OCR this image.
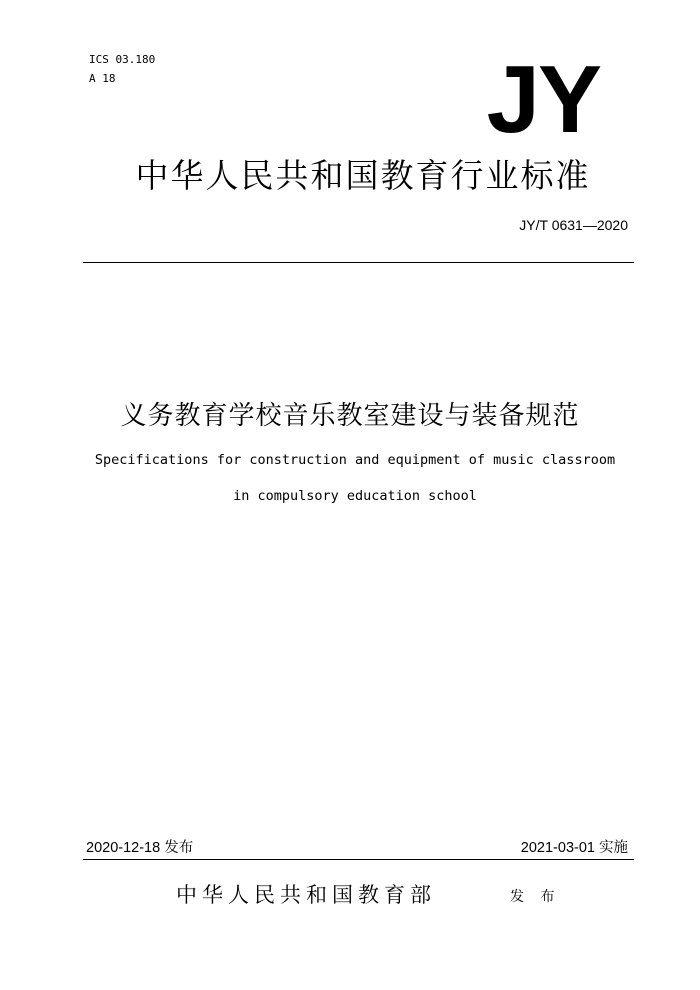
ICS 03.180
A 18	JY
中华人民共和国教育行业标准
JY/T 0631—2020
义务教育学校音乐教室建设与装备规范
Specifications for construction and equipment of music classroom
in compulsory education school
2020-12-18 发布	2021-03-01 实施
中华人民共和国教育部	发 布
